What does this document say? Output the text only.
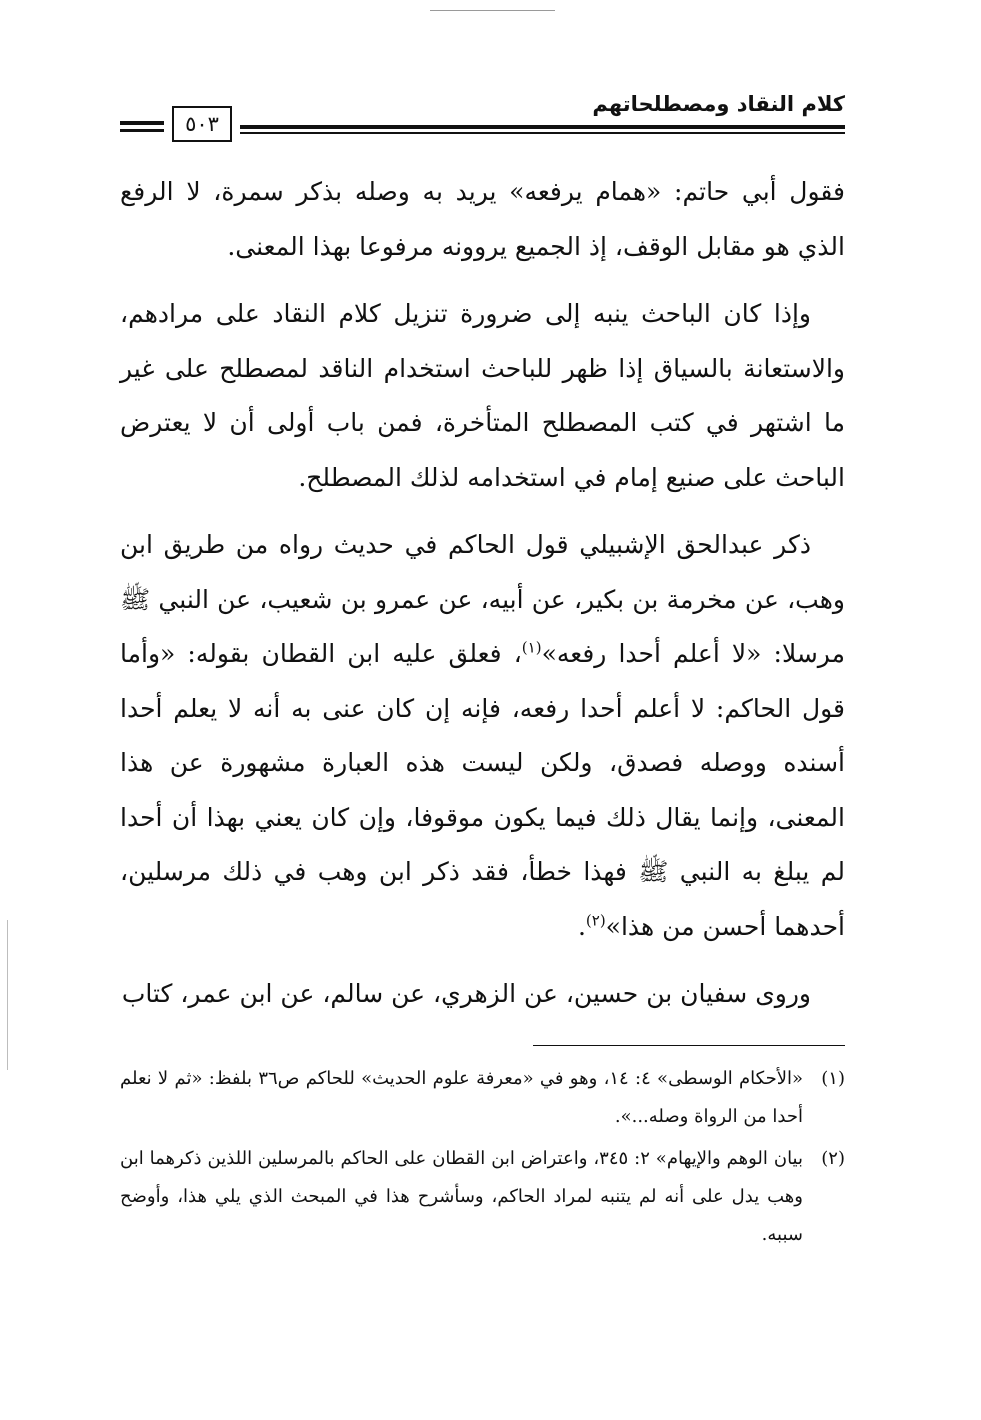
كلام النقاد ومصطلحاتهم
٥٠٣

فقول أبي حاتم: «همام يرفعه» يريد به وصله بذكر سمرة، لا الرفع الذي هو مقابل الوقف، إذ الجميع يروونه مرفوعا بهذا المعنى.

وإذا كان الباحث ينبه إلى ضرورة تنزيل كلام النقاد على مرادهم، والاستعانة بالسياق إذا ظهر للباحث استخدام الناقد لمصطلح على غير ما اشتهر في كتب المصطلح المتأخرة، فمن باب أولى أن لا يعترض الباحث على صنيع إمام في استخدامه لذلك المصطلح.

ذكر عبدالحق الإشبيلي قول الحاكم في حديث رواه من طريق ابن وهب، عن مخرمة بن بكير، عن أبيه، عن عمرو بن شعيب، عن النبي ﷺ مرسلا: «لا أعلم أحدا رفعه»$^{(١)}$، فعلق عليه ابن القطان بقوله: «وأما قول الحاكم: لا أعلم أحدا رفعه، فإنه إن كان عنى به أنه لا يعلم أحدا أسنده ووصله فصدق، ولكن ليست هذه العبارة مشهورة عن هذا المعنى، وإنما يقال ذلك فيما يكون موقوفا، وإن كان يعني بهذا أن أحدا لم يبلغ به النبي ﷺ فهذا خطأ، فقد ذكر ابن وهب في ذلك مرسلين، أحدهما أحسن من هذا»$^{(٢)}$.

وروى سفيان بن حسين، عن الزهري، عن سالم، عن ابن عمر، كتاب

(١)«الأحكام الوسطى» ٤: ١٤، وهو في «معرفة علوم الحديث» للحاكم ص٣٦ بلفظ: «ثم لا نعلم أحدا من الرواة وصله...».

(٢)بيان الوهم والإيهام» ٢: ٣٤٥، واعتراض ابن القطان على الحاكم بالمرسلين اللذين ذكرهما ابن وهب يدل على أنه لم يتنبه لمراد الحاكم، وسأشرح هذا في المبحث الذي يلي هذا، وأوضح سببه.
